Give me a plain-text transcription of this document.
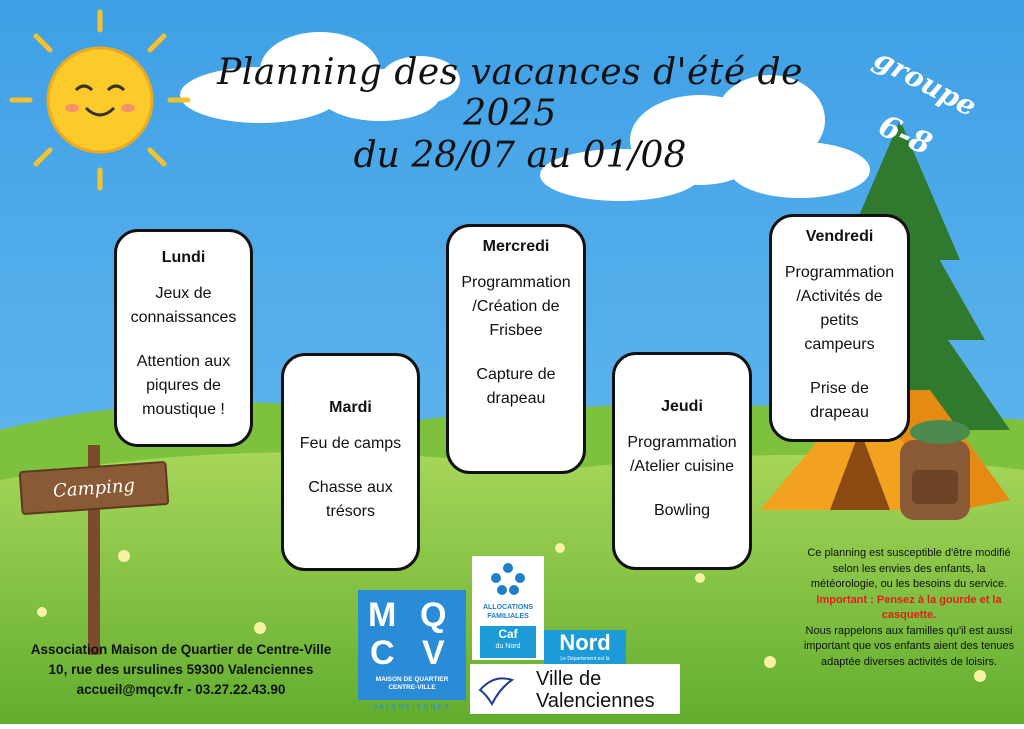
Planning des vacances d'été de 2025
du 28/07 au 01/08
groupe
6-8
Lundi
Jeux de
connaissances
Attention aux
piqures de
moustique !	Mardi
Feu de camps
Chasse aux
trésors
Mercredi
Programmation
/Création de
Frisbee
Capture de
drapeau	Jeudi
Programmation
/Atelier cuisine
Bowling
Vendredi
Programmation
/Activités de
petits
campeurs
Prise de
drapeau
Camping
Association Maison de Quartier de Centre-Ville
10, rue des ursulines 59300 Valenciennes
accueil@mqcv.fr - 03.27.22.43.90
Ce planning est susceptible d'être modifié selon les envies des enfants, la météorologie, ou les besoins du service.
Important : Pensez à la gourde et la casquette.
Nous rappelons aux familles qu'il est aussi important que vos enfants aient des tenues adaptée diverses activités de loisirs.
M Q
C V
MAISON DE QUARTIER
CENTRE-VILLE
VALENCIENNES
ALLOCATIONS
FAMILIALES
Caf
du Nord	Nord
Le Département est là
Ville de
Valenciennes
